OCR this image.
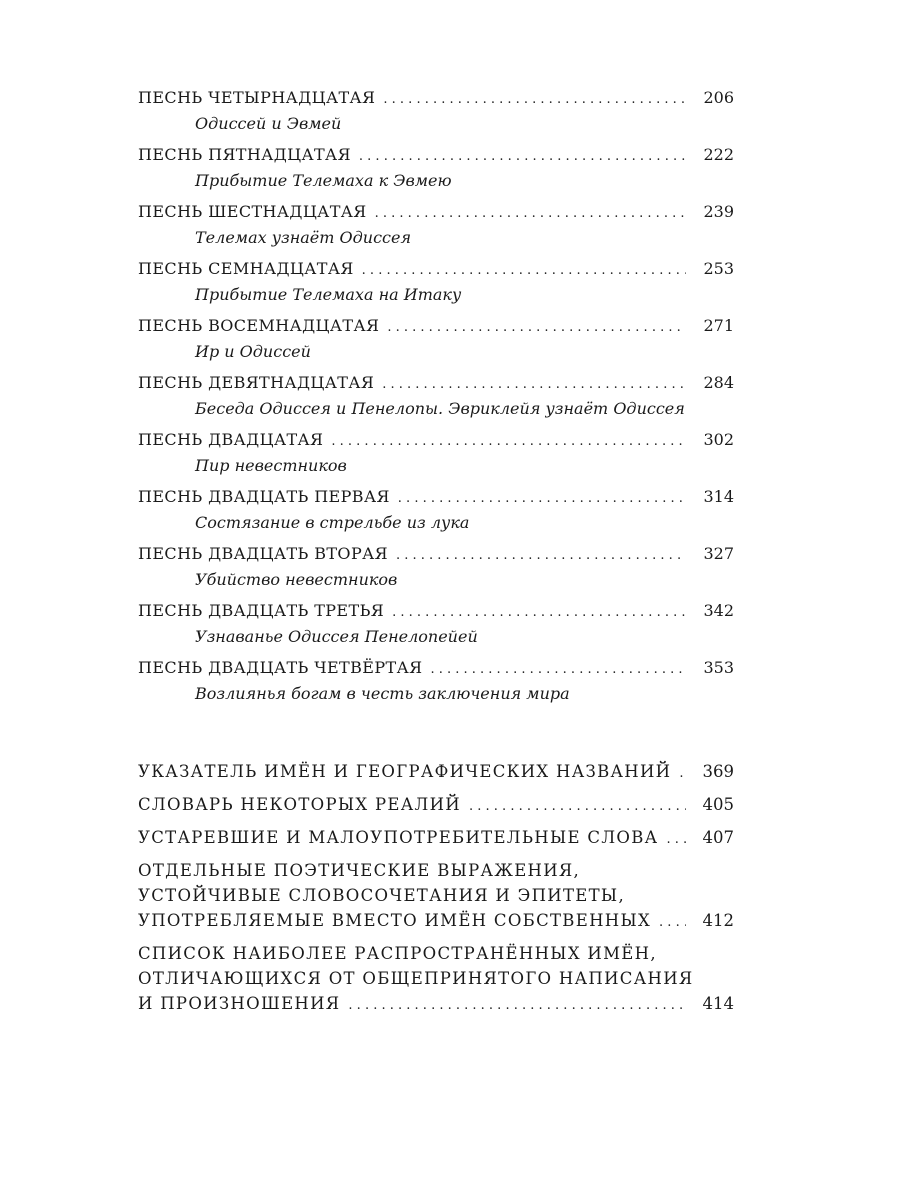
ПЕСНЬ ЧЕТЫРНАДЦАТАЯ . . .	206
Одиссей и Эвмей
ПЕСНЬ ПЯТНАДЦАТАЯ . . .	222
Прибытие Телемаха к Эвмею
ПЕСНЬ ШЕСТНАДЦАТАЯ . . .	239
Телемах узнаёт Одиссея
ПЕСНЬ СЕМНАДЦАТАЯ . . .	253
Прибытие Телемаха на Итаку
ПЕСНЬ ВОСЕМНАДЦАТАЯ . . .	271
Ир и Одиссей
ПЕСНЬ ДЕВЯТНАДЦАТАЯ . . .	284
Беседа Одиссея и Пенелопы. Эвриклейя узнаёт Одиссея
ПЕСНЬ ДВАДЦАТАЯ . . .	302
Пир невестников
ПЕСНЬ ДВАДЦАТЬ ПЕРВАЯ . . .	314
Состязание в стрельбе из лука
ПЕСНЬ ДВАДЦАТЬ ВТОРАЯ . . .	327
Убийство невестников
ПЕСНЬ ДВАДЦАТЬ ТРЕТЬЯ . . .	342
Узнаванье Одиссея Пенелопейей
ПЕСНЬ ДВАДЦАТЬ ЧЕТВЁРТАЯ . . .	353
Возлиянья богам в честь заключения мира
УКАЗАТЕЛЬ ИМЁН И ГЕОГРАФИЧЕСКИХ НАЗВАНИЙ . . . 369
СЛОВАРЬ НЕКОТОРЫХ РЕАЛИЙ . . .	405
УСТАРЕВШИЕ И МАЛОУПОТРЕБИТЕЛЬНЫЕ СЛОВА . . .	407
ОТДЕЛЬНЫЕ ПОЭТИЧЕСКИЕ ВЫРАЖЕНИЯ,
УСТОЙЧИВЫЕ СЛОВОСОЧЕТАНИЯ И ЭПИТЕТЫ,
УПОТРЕБЛЯЕМЫЕ ВМЕСТО ИМЁН СОБСТВЕННЫХ . . .	412
СПИСОК НАИБОЛЕЕ РАСПРОСТРАНЁННЫХ ИМЁН,
ОТЛИЧАЮЩИХСЯ ОТ ОБЩЕПРИНЯТОГО НАПИСАНИЯ
И ПРОИЗНОШЕНИЯ . . .	414
